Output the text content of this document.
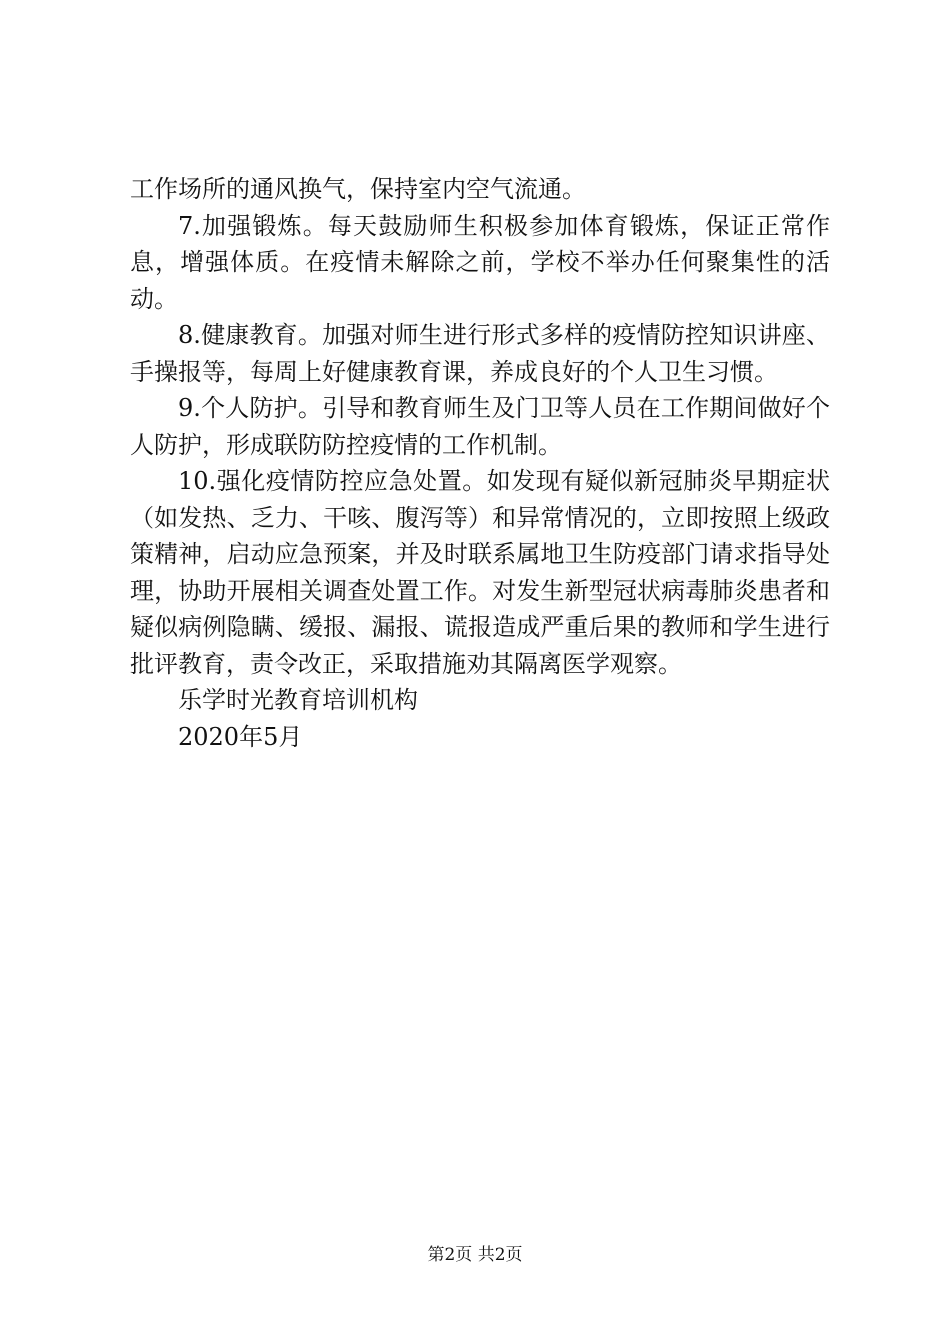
工作场所的通风换气，保持室内空气流通。

7.加强锻炼。每天鼓励师生积极参加体育锻炼，保证正常作息，增强体质。在疫情未解除之前，学校不举办任何聚集性的活动。

8.健康教育。加强对师生进行形式多样的疫情防控知识讲座、手操报等，每周上好健康教育课，养成良好的个人卫生习惯。

9.个人防护。引导和教育师生及门卫等人员在工作期间做好个人防护，形成联防防控疫情的工作机制。

10.强化疫情防控应急处置。如发现有疑似新冠肺炎早期症状（如发热、乏力、干咳、腹泻等）和异常情况的，立即按照上级政策精神，启动应急预案，并及时联系属地卫生防疫部门请求指导处理，协助开展相关调查处置工作。对发生新型冠状病毒肺炎患者和疑似病例隐瞒、缓报、漏报、谎报造成严重后果的教师和学生进行批评教育，责令改正，采取措施劝其隔离医学观察。

乐学时光教育培训机构

2020年5月

第2页 共2页
